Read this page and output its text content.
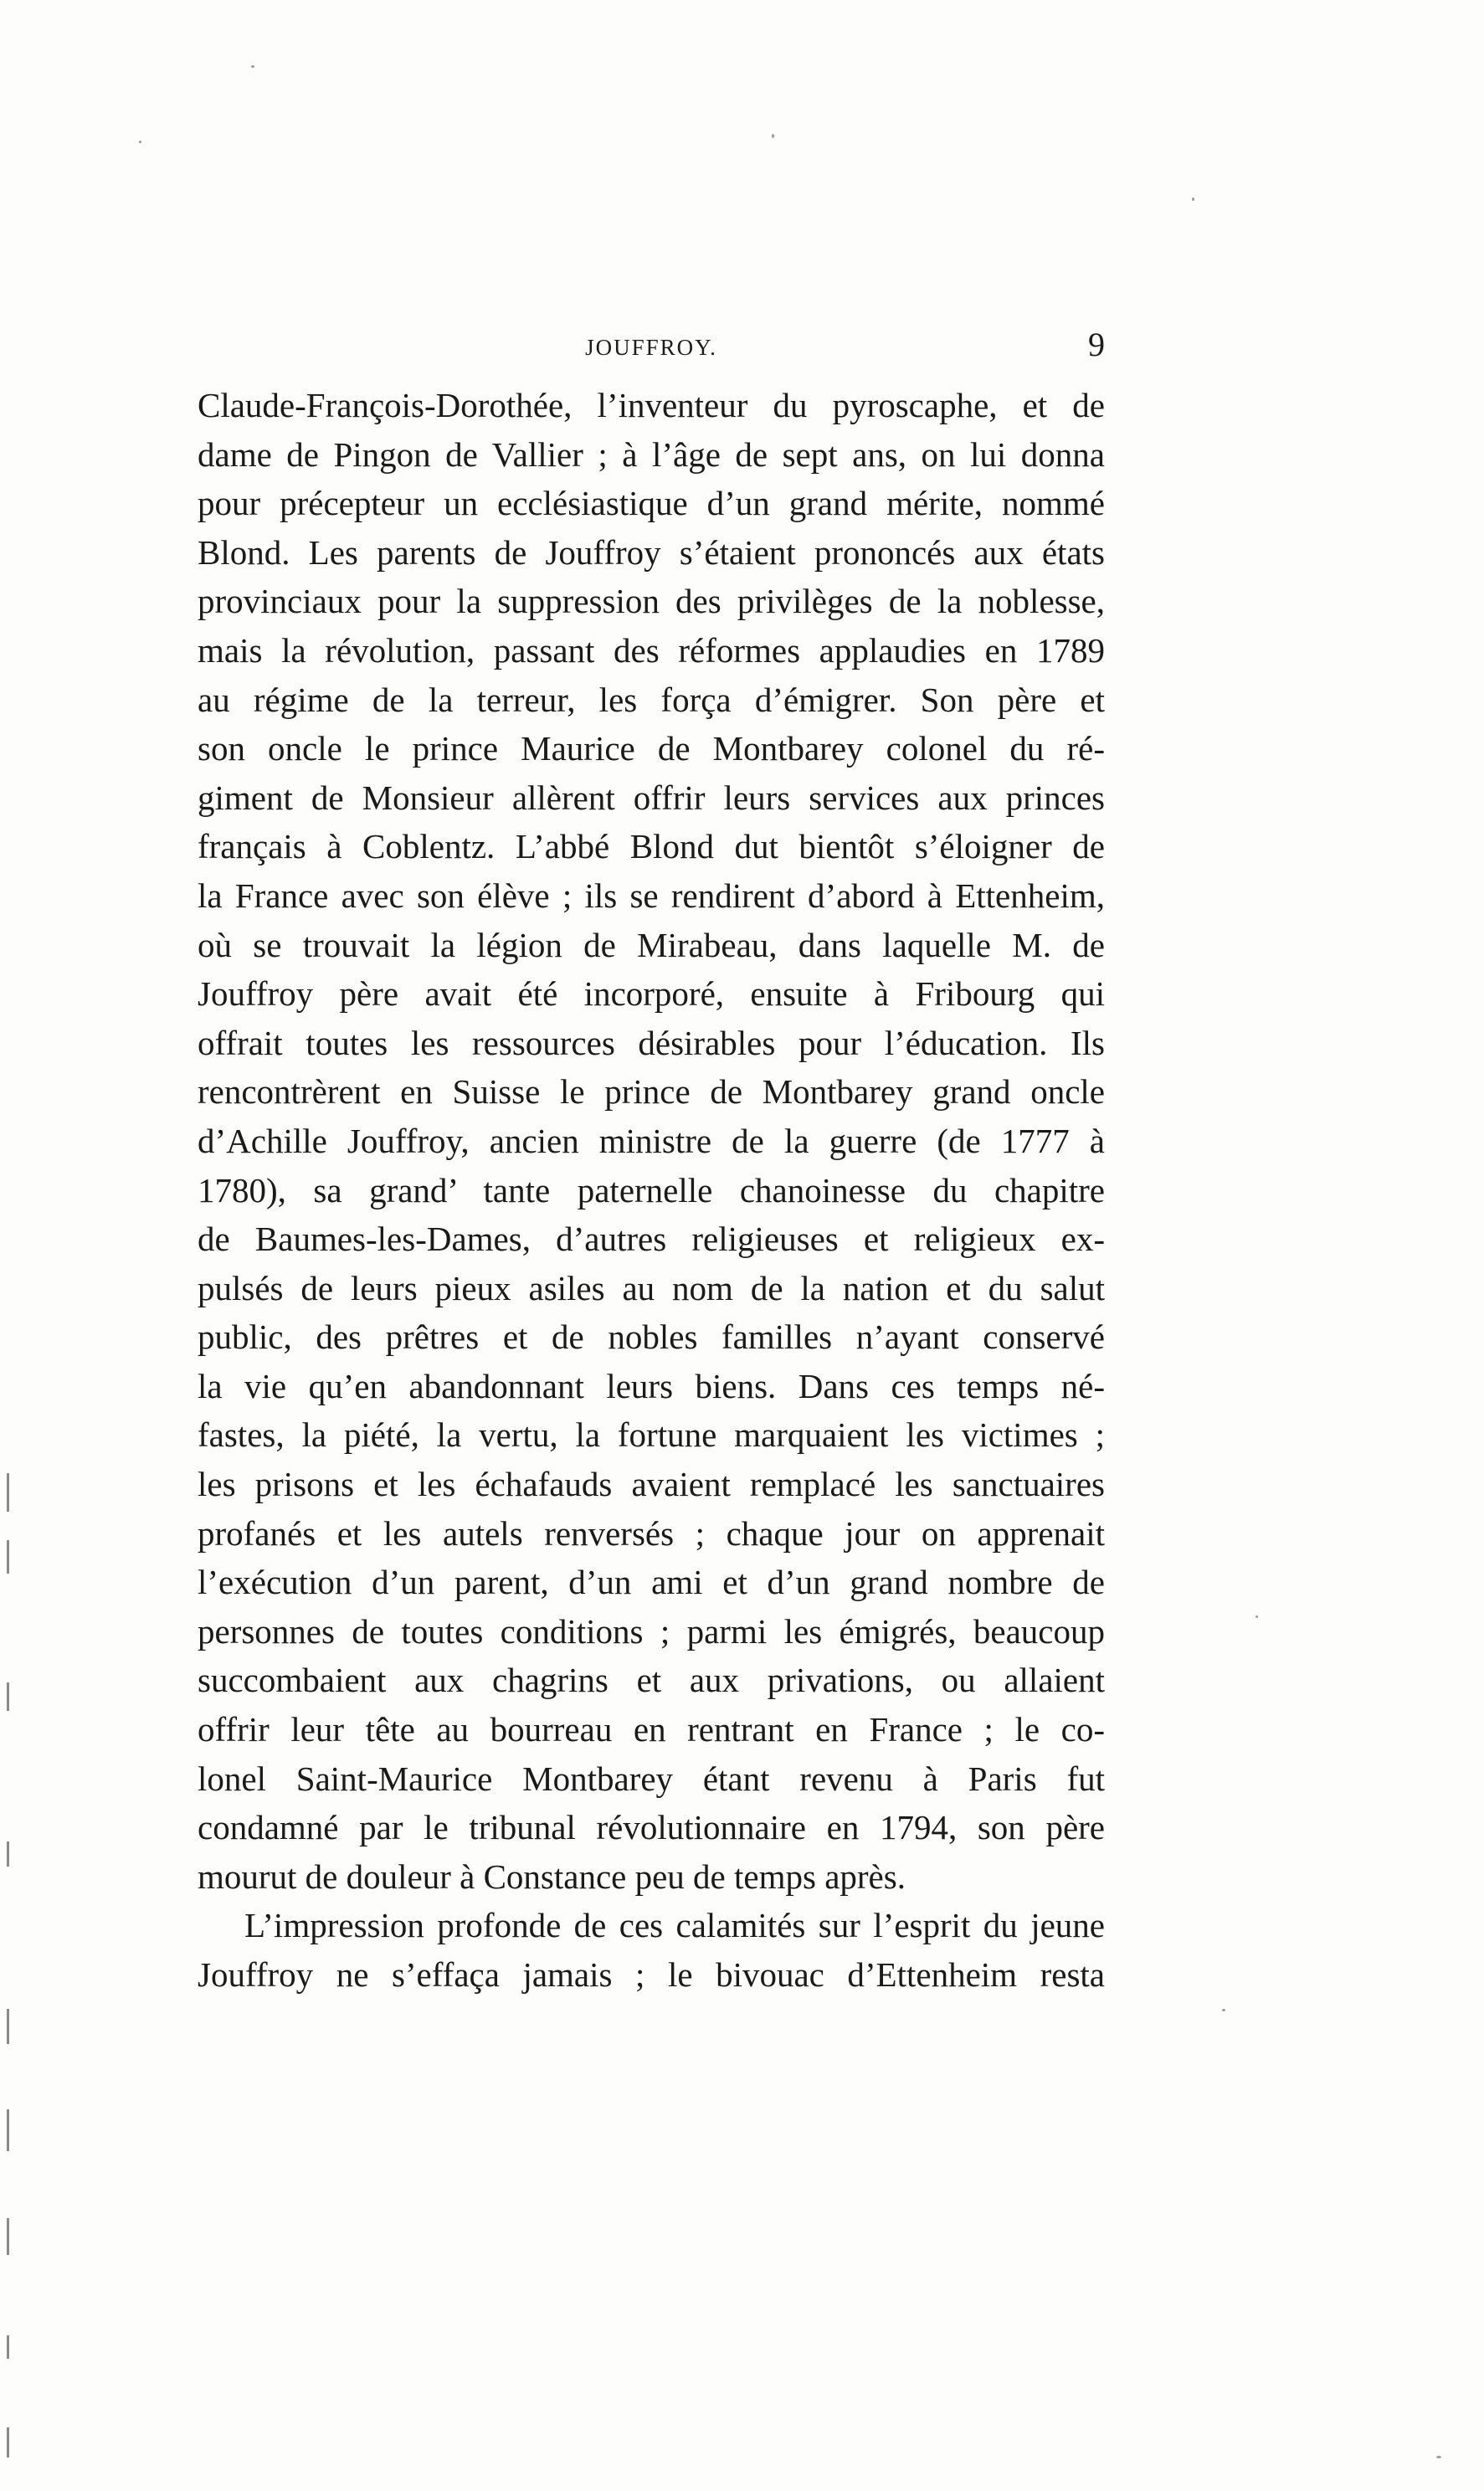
JOUFFROY.	9
Claude-François-Dorothée, l’inventeur du pyroscaphe, et de
dame de Pingon de Vallier ; à l’âge de sept ans, on lui donna
pour précepteur un ecclésiastique d’un grand mérite, nommé
Blond. Les parents de Jouffroy s’étaient prononcés aux états
provinciaux pour la suppression des privilèges de la noblesse,
mais la révolution, passant des réformes applaudies en 1789
au régime de la terreur, les força d’émigrer. Son père et
son oncle le prince Maurice de Montbarey colonel du ré-
giment de Monsieur allèrent offrir leurs services aux princes
français à Coblentz. L’abbé Blond dut bientôt s’éloigner de
la France avec son élève ; ils se rendirent d’abord à Ettenheim,
où se trouvait la légion de Mirabeau, dans laquelle M. de
Jouffroy père avait été incorporé, ensuite à Fribourg qui
offrait toutes les ressources désirables pour l’éducation. Ils
rencontrèrent en Suisse le prince de Montbarey grand oncle
d’Achille Jouffroy, ancien ministre de la guerre (de 1777 à
1780), sa grand’ tante paternelle chanoinesse du chapitre
de Baumes-les-Dames, d’autres religieuses et religieux ex-
pulsés de leurs pieux asiles au nom de la nation et du salut
public, des prêtres et de nobles familles n’ayant conservé
la vie qu’en abandonnant leurs biens. Dans ces temps né-
fastes, la piété, la vertu, la fortune marquaient les victimes ;
les prisons et les échafauds avaient remplacé les sanctuaires
profanés et les autels renversés ; chaque jour on apprenait
l’exécution d’un parent, d’un ami et d’un grand nombre de
personnes de toutes conditions ; parmi les émigrés, beaucoup
succombaient aux chagrins et aux privations, ou allaient
offrir leur tête au bourreau en rentrant en France ; le co-
lonel Saint-Maurice Montbarey étant revenu à Paris fut
condamné par le tribunal révolutionnaire en 1794, son père
mourut de douleur à Constance peu de temps après.
L’impression profonde de ces calamités sur l’esprit du jeune
Jouffroy ne s’effaça jamais ; le bivouac d’Ettenheim resta
